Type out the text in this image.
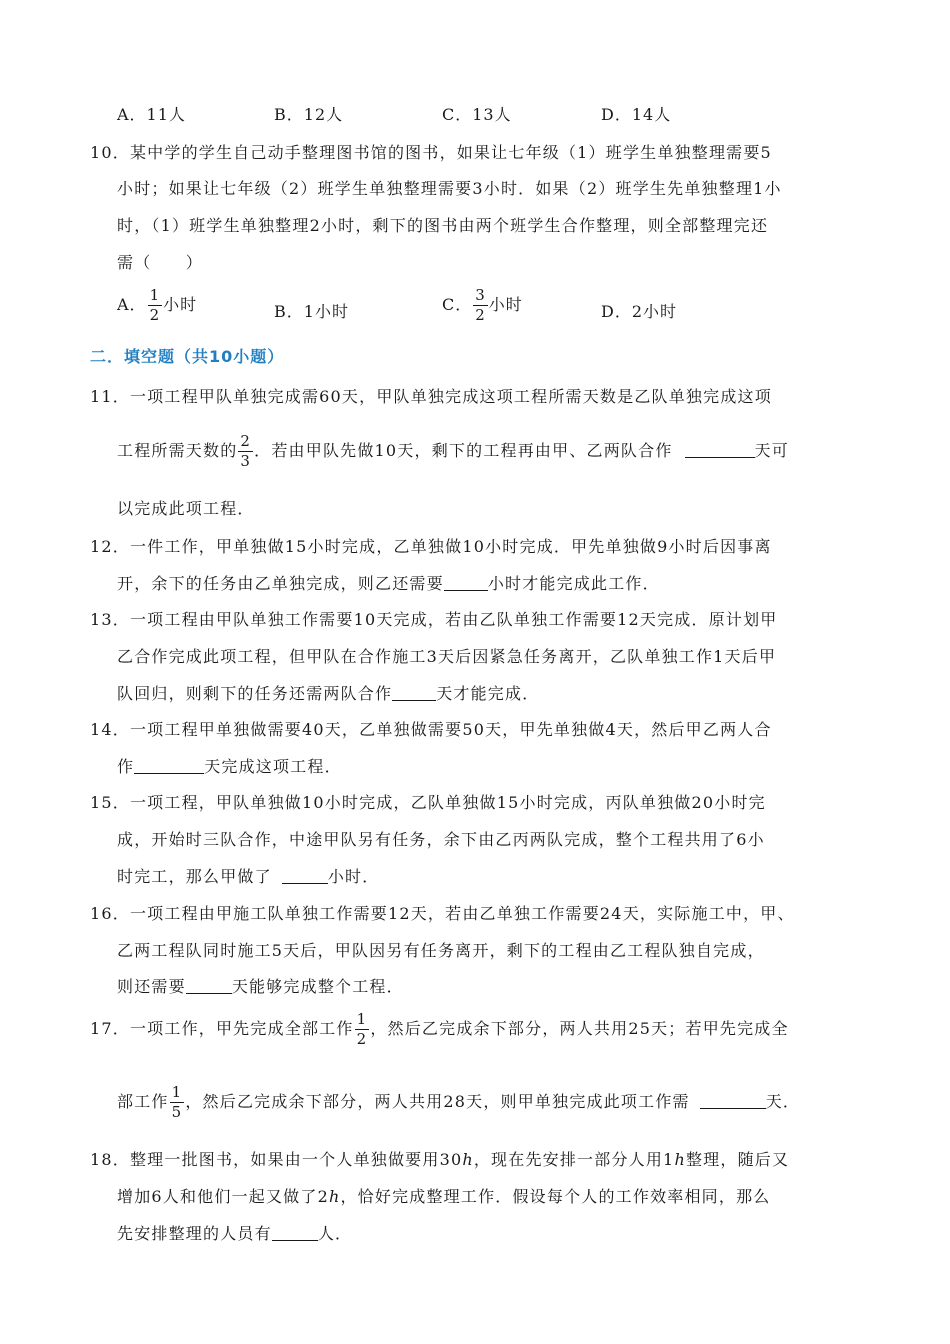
A．11人	B．12人	C．13人	D．14人
10．某中学的学生自己动手整理图书馆的图书，如果让七年级（1）班学生单独整理需要5
小时；如果让七年级（2）班学生单独整理需要3小时．如果（2）班学生先单独整理1小
时，（1）班学生单独整理2小时，剩下的图书由两个班学生合作整理，则全部整理完还
需（　　）
A． $\frac{1}{2}$ 小时	B．1小时	C． $\frac{3}{2}$ 小时	D．2小时
二．填空题（共10小题）
11．一项工程甲队单独完成需60天，甲队单独完成这项工程所需天数是乙队单独完成这项
工程所需天数的 $\frac{2}{3}$ ．若由甲队先做10天，剩下的工程再由甲、乙两队合作	天可
以完成此项工程．
12．一件工作，甲单独做15小时完成，乙单独做10小时完成．甲先单独做9小时后因事离
开，余下的任务由乙单独完成，则乙还需要	小时才能完成此工作．
13．一项工程由甲队单独工作需要10天完成，若由乙队单独工作需要12天完成．原计划甲
乙合作完成此项工程，但甲队在合作施工3天后因紧急任务离开，乙队单独工作1天后甲
队回归，则剩下的任务还需两队合作	天才能完成．
14．一项工程甲单独做需要40天，乙单独做需要50天，甲先单独做4天，然后甲乙两人合
作	天完成这项工程．
15．一项工程，甲队单独做10小时完成，乙队单独做15小时完成，丙队单独做20小时完
成，开始时三队合作，中途甲队另有任务，余下由乙丙两队完成，整个工程共用了6小
时完工，那么甲做了	小时．
16．一项工程由甲施工队单独工作需要12天，若由乙单独工作需要24天，实际施工中，甲、
乙两工程队同时施工5天后，甲队因另有任务离开，剩下的工程由乙工程队独自完成，
则还需要	天能够完成整个工程．
17．一项工作，甲先完成全部工作 $\frac{1}{2}$ ，然后乙完成余下部分，两人共用25天；若甲先完成全
部工作 $\frac{1}{5}$ ，然后乙完成余下部分，两人共用28天，则甲单独完成此项工作需	天．
18．整理一批图书，如果由一个人单独做要用30h，现在先安排一部分人用1h整理，随后又
增加6人和他们一起又做了2h，恰好完成整理工作．假设每个人的工作效率相同，那么
先安排整理的人员有	人．
